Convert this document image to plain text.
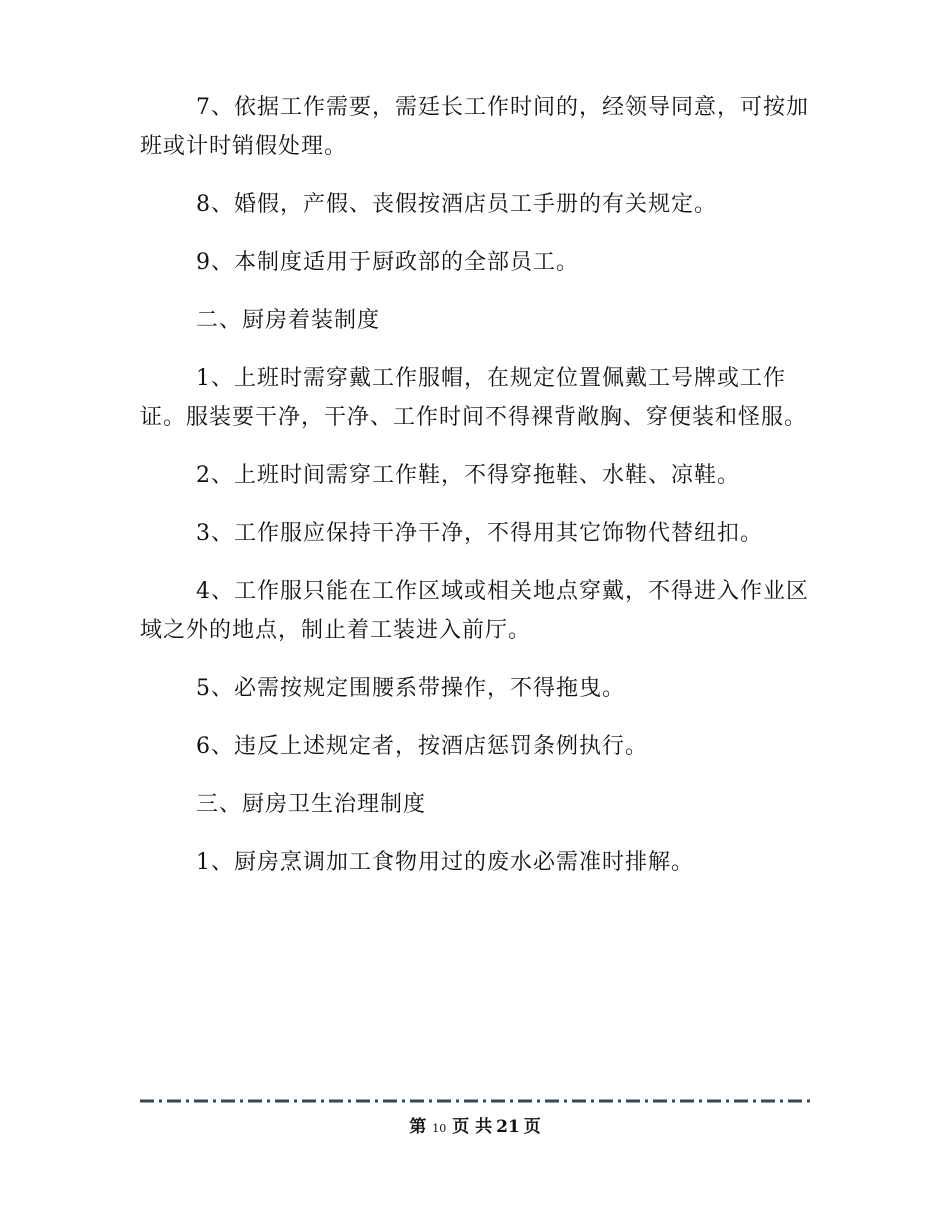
7、依据工作需要，需廷长工作时间的，经领导同意，可按加班或计时销假处理。

8、婚假，产假、丧假按酒店员工手册的有关规定。

9、本制度适用于厨政部的全部员工。

二、厨房着装制度

1、上班时需穿戴工作服帽，在规定位置佩戴工号牌或工作证。服装要干净，干净、工作时间不得裸背敞胸、穿便装和怪服。

2、上班时间需穿工作鞋，不得穿拖鞋、水鞋、凉鞋。

3、工作服应保持干净干净，不得用其它饰物代替纽扣。

4、工作服只能在工作区域或相关地点穿戴，不得进入作业区域之外的地点，制止着工装进入前厅。

5、必需按规定围腰系带操作，不得拖曳。

6、违反上述规定者，按酒店惩罚条例执行。

三、厨房卫生治理制度

1、厨房烹调加工食物用过的废水必需准时排解。

第 10 页 共 21 页
